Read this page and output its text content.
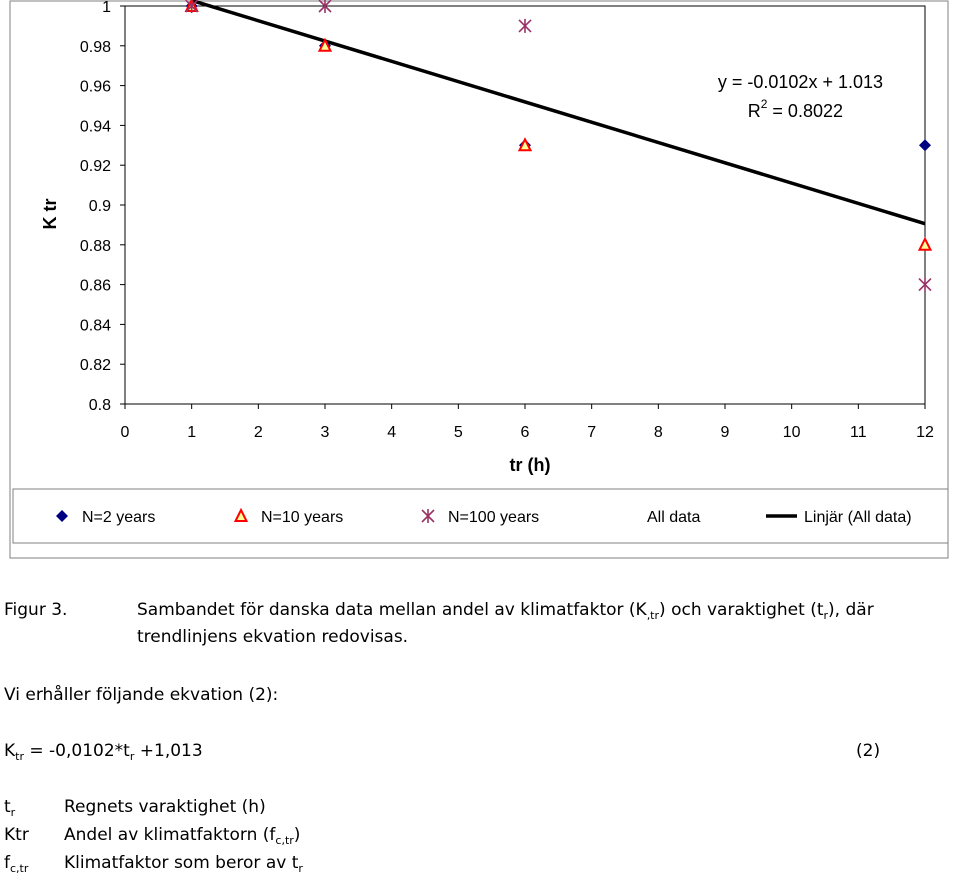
0.8
0.82
0.84
0.86
0.88
0.9
0.92
0.94
0.96
0.98
1
0	1	2	3	4	5	6	7	8	9	10	11	12
K tr
tr (h)
y = -0.0102x + 1.013
$R^2 = 0.8022$
N=2 years	N=10 years	N=100 years	All data	Linjär (All data)
Figur 3.	Sambandet för danska data mellan andel av klimatfaktor $(K_{,tr})$ och varaktighet $(t_r)$, där
trendlinjens ekvation redovisas.
Vi erhåller följande ekvation (2):
$K_{tr} = -0,0102*t_r +1,013$	(2)
$t_r$	Regnets varaktighet (h)
Ktr Andel av klimatfaktorn $(f_{c,tr})$
$f_{c,tr}$ Klimatfaktor som beror av $t_r$
